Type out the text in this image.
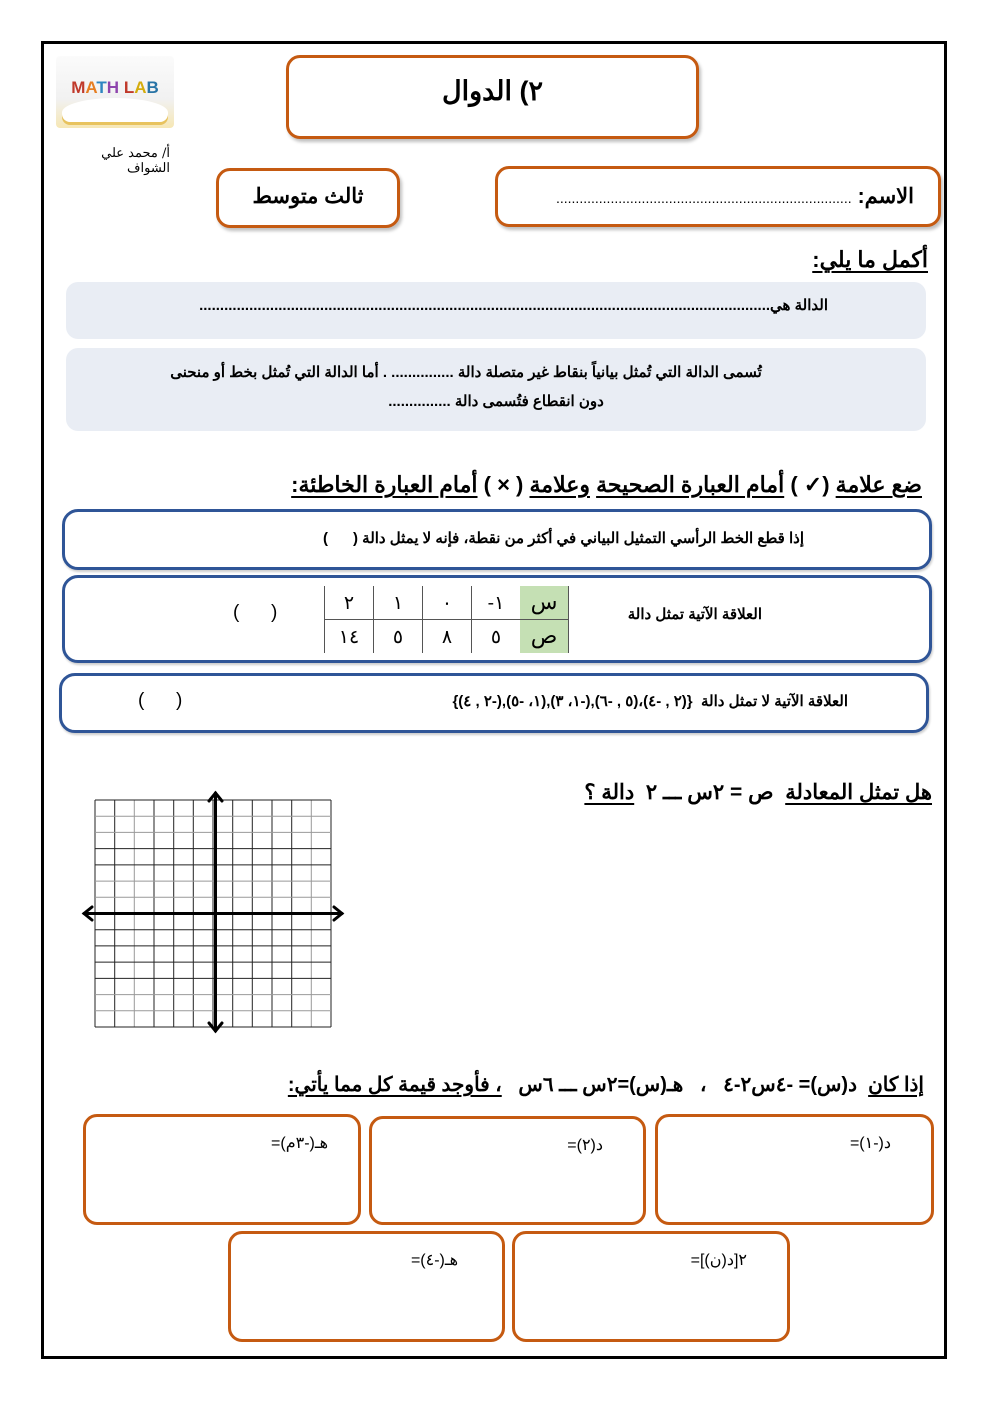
MATH LAB
أ/ محمد علي الشواف
٢) الدوال
ثالث متوسط	الاسم:............................................................................
أكمل ما يلي:
الدالة هي.........................................................................................................................................
تُسمى الدالة التي تُمثل بيانياً بنقاط غير متصلة دالة ............... . أما الدالة التي تُمثل بخط أو منحنى
دون انقطاع فتُسمى دالة ...............
ضع علامة (✓ ) أمام العبارة الصحيحة وعلامة ( × ) أمام العبارة الخاطئة:
إذا قطع الخط الرأسي التمثيل البياني في أكثر من نقطة، فإنه لا يمثل دالة (      )
العلاقة الآتية تمثل دالة
٢	١	٠	-١	س
١٤	٥	٨	٥	ص
(      )
العلاقة الآتية لا تمثل دالة  {(٢ , -٤)،(٥ , -٦),(-١، ٣),(١، -٥),(-٢ , ٤)}
(      )
هل تمثل المعادلة  ص = ٢س ـــ ٢  دالة ؟
إذا كان  د(س)= -٤س٢-٤   ،   هـ(س)=٢س ـــ ٦س   ، فأوجد قيمة كل مما يأتي:
د(-١)=
د(٢)=
هـ(-٣م)=
٢[د(ن)]=
هـ(-٤)=
